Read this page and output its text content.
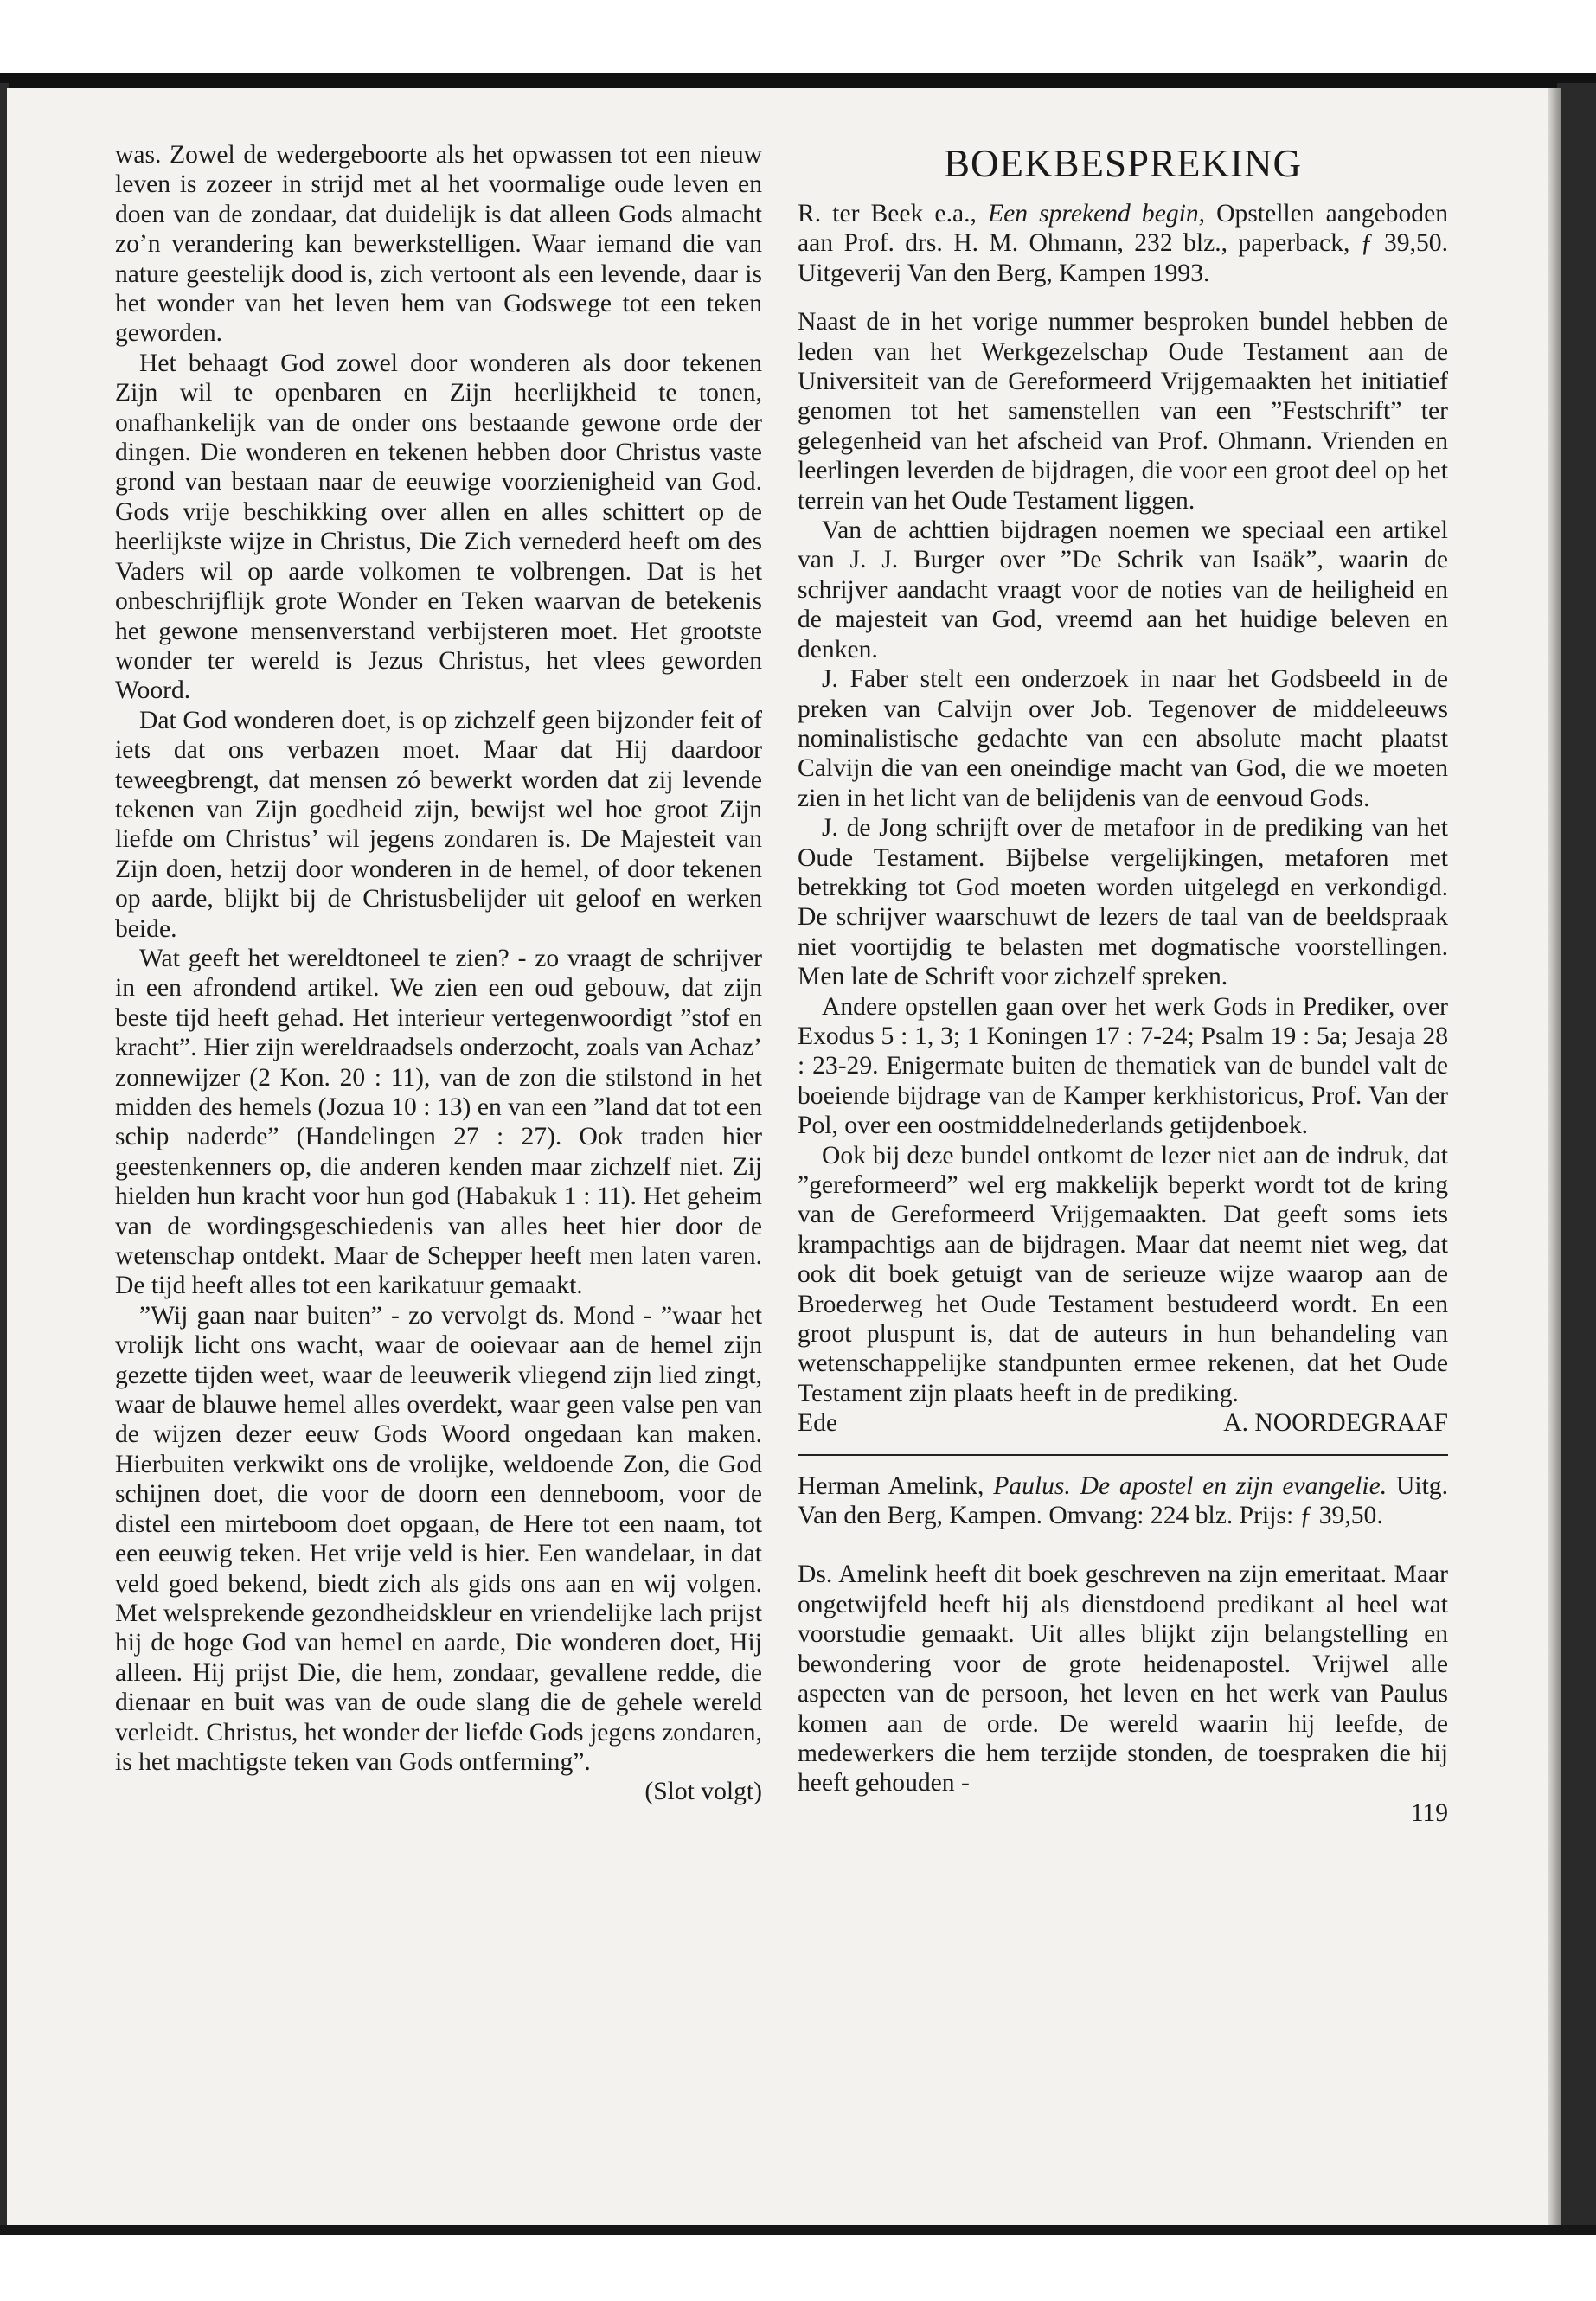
was. Zowel de wedergeboorte als het opwassen tot een nieuw leven is zozeer in strijd met al het voormalige oude leven en doen van de zondaar, dat duidelijk is dat alleen Gods almacht zo’n verandering kan bewerkstelligen. Waar iemand die van nature geestelijk dood is, zich vertoont als een levende, daar is het wonder van het leven hem van Godswege tot een teken geworden.

Het behaagt God zowel door wonderen als door tekenen Zijn wil te openbaren en Zijn heerlijkheid te tonen, onafhankelijk van de onder ons bestaande gewone orde der dingen. Die wonderen en tekenen hebben door Christus vaste grond van bestaan naar de eeuwige voorzienigheid van God. Gods vrije beschikking over allen en alles schittert op de heerlijkste wijze in Christus, Die Zich vernederd heeft om des Vaders wil op aarde volkomen te volbrengen. Dat is het onbeschrijflijk grote Wonder en Teken waarvan de betekenis het gewone mensenverstand verbijsteren moet. Het grootste wonder ter wereld is Jezus Christus, het vlees geworden Woord.

Dat God wonderen doet, is op zichzelf geen bijzonder feit of iets dat ons verbazen moet. Maar dat Hij daardoor teweegbrengt, dat mensen zó bewerkt worden dat zij levende tekenen van Zijn goedheid zijn, bewijst wel hoe groot Zijn liefde om Christus’ wil jegens zondaren is. De Majesteit van Zijn doen, hetzij door wonderen in de hemel, of door tekenen op aarde, blijkt bij de Christusbelijder uit geloof en werken beide.

Wat geeft het wereldtoneel te zien? - zo vraagt de schrijver in een afrondend artikel. We zien een oud gebouw, dat zijn beste tijd heeft gehad. Het interieur vertegenwoordigt ”stof en kracht”. Hier zijn wereldraadsels onderzocht, zoals van Achaz’ zonnewijzer (2 Kon. 20 : 11), van de zon die stilstond in het midden des hemels (Jozua 10 : 13) en van een ”land dat tot een schip naderde” (Handelingen 27 : 27). Ook traden hier geestenkenners op, die anderen kenden maar zichzelf niet. Zij hielden hun kracht voor hun god (Habakuk 1 : 11). Het geheim van de wordingsgeschiedenis van alles heet hier door de wetenschap ontdekt. Maar de Schepper heeft men laten varen. De tijd heeft alles tot een karikatuur gemaakt.

”Wij gaan naar buiten” - zo vervolgt ds. Mond - ”waar het vrolijk licht ons wacht, waar de ooievaar aan de hemel zijn gezette tijden weet, waar de leeuwerik vliegend zijn lied zingt, waar de blauwe hemel alles overdekt, waar geen valse pen van de wijzen dezer eeuw Gods Woord ongedaan kan maken. Hierbuiten verkwikt ons de vrolijke, weldoende Zon, die God schijnen doet, die voor de doorn een denneboom, voor de distel een mirteboom doet opgaan, de Here tot een naam, tot een eeuwig teken. Het vrije veld is hier. Een wandelaar, in dat veld goed bekend, biedt zich als gids ons aan en wij volgen. Met welsprekende gezondheidskleur en vriendelijke lach prijst hij de hoge God van hemel en aarde, Die wonderen doet, Hij alleen. Hij prijst Die, die hem, zondaar, gevallene redde, die dienaar en buit was van de oude slang die de gehele wereld verleidt. Christus, het wonder der liefde Gods jegens zondaren, is het machtigste teken van Gods ontferming”.

(Slot volgt)

BOEKBESPREKING

R. ter Beek e.a., Een sprekend begin, Opstellen aangeboden aan Prof. drs. H. M. Ohmann, 232 blz., paperback, ƒ 39,50. Uitgeverij Van den Berg, Kampen 1993.

Naast de in het vorige nummer besproken bundel hebben de leden van het Werkgezelschap Oude Testament aan de Universiteit van de Gereformeerd Vrijgemaakten het initiatief genomen tot het samenstellen van een ”Festschrift” ter gelegenheid van het afscheid van Prof. Ohmann. Vrienden en leerlingen leverden de bijdragen, die voor een groot deel op het terrein van het Oude Testament liggen.

Van de achttien bijdragen noemen we speciaal een artikel van J. J. Burger over ”De Schrik van Isaäk”, waarin de schrijver aandacht vraagt voor de noties van de heiligheid en de majesteit van God, vreemd aan het huidige beleven en denken.

J. Faber stelt een onderzoek in naar het Godsbeeld in de preken van Calvijn over Job. Tegenover de middeleeuws nominalistische gedachte van een absolute macht plaatst Calvijn die van een oneindige macht van God, die we moeten zien in het licht van de belijdenis van de eenvoud Gods.

J. de Jong schrijft over de metafoor in de prediking van het Oude Testament. Bijbelse vergelijkingen, metaforen met betrekking tot God moeten worden uitgelegd en verkondigd. De schrijver waarschuwt de lezers de taal van de beeldspraak niet voortijdig te belasten met dogmatische voorstellingen. Men late de Schrift voor zichzelf spreken.

Andere opstellen gaan over het werk Gods in Prediker, over Exodus 5 : 1, 3; 1 Koningen 17 : 7-24; Psalm 19 : 5a; Jesaja 28 : 23-29. Enigermate buiten de thematiek van de bundel valt de boeiende bijdrage van de Kamper kerkhistoricus, Prof. Van der Pol, over een oostmiddelnederlands getijdenboek.

Ook bij deze bundel ontkomt de lezer niet aan de indruk, dat ”gereformeerd” wel erg makkelijk beperkt wordt tot de kring van de Gereformeerd Vrijgemaakten. Dat geeft soms iets krampachtigs aan de bijdragen. Maar dat neemt niet weg, dat ook dit boek getuigt van de serieuze wijze waarop aan de Broederweg het Oude Testament bestudeerd wordt. En een groot pluspunt is, dat de auteurs in hun behandeling van wetenschappelijke standpunten ermee rekenen, dat het Oude Testament zijn plaats heeft in de prediking.

Ede	A. NOORDEGRAAF

Herman Amelink, Paulus. De apostel en zijn evangelie. Uitg. Van den Berg, Kampen. Omvang: 224 blz. Prijs: ƒ 39,50.

Ds. Amelink heeft dit boek geschreven na zijn emeritaat. Maar ongetwijfeld heeft hij als dienstdoend predikant al heel wat voorstudie gemaakt. Uit alles blijkt zijn belangstelling en bewondering voor de grote heidenapostel. Vrijwel alle aspecten van de persoon, het leven en het werk van Paulus komen aan de orde. De wereld waarin hij leefde, de medewerkers die hem terzijde stonden, de toespraken die hij heeft gehouden -

119
